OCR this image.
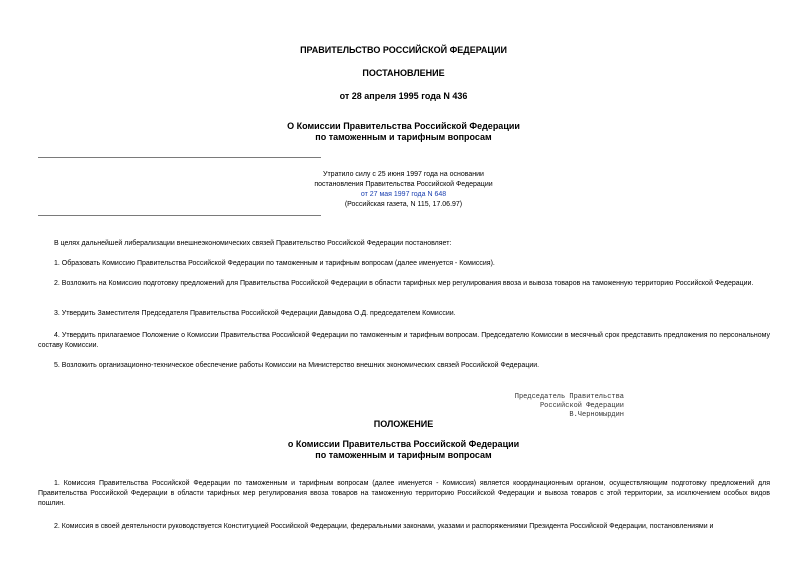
ПРАВИТЕЛЬСТВО РОССИЙСКОЙ ФЕДЕРАЦИИ
ПОСТАНОВЛЕНИЕ
от 28 апреля 1995 года N 436
О Комиссии Правительства Российской Федерации
по таможенным и тарифным вопросам
Утратило силу с 25 июня 1997 года на основании
постановления Правительства Российской Федерации
от 27 мая 1997 года N 648
(Российская газета, N 115, 17.06.97)
В целях дальнейшей либерализации внешнеэкономических связей Правительство Российской Федерации постановляет:
1. Образовать Комиссию Правительства Российской Федерации по таможенным и тарифным вопросам (далее именуется - Комиссия).
2. Возложить на Комиссию подготовку предложений для Правительства Российской Федерации в области тарифных мер регулирования ввоза и вывоза товаров на таможенную территорию Российской Федерации.
3. Утвердить Заместителя Председателя Правительства Российской Федерации Давыдова О.Д. председателем Комиссии.
4. Утвердить прилагаемое Положение о Комиссии Правительства Российской Федерации по таможенным и тарифным вопросам. Председателю Комиссии в месячный срок представить предложения по персональному составу Комиссии.
5. Возложить организационно-техническое обеспечение работы Комиссии на Министерство внешних экономических связей Российской Федерации.
Председатель Правительства
Российской Федерации
В.Черномырдин
ПОЛОЖЕНИЕ
о Комиссии Правительства Российской Федерации
по таможенным и тарифным вопросам
1. Комиссия Правительства Российской Федерации по таможенным и тарифным вопросам (далее именуется - Комиссия) является координационным органом, осуществляющим подготовку предложений для Правительства Российской Федерации в области тарифных мер регулирования ввоза товаров на таможенную территорию Российской Федерации и вывоза товаров с этой территории, за исключением особых видов пошлин.
2. Комиссия в своей деятельности руководствуется Конституцией Российской Федерации, федеральными законами, указами и распоряжениями Президента Российской Федерации, постановлениями и
